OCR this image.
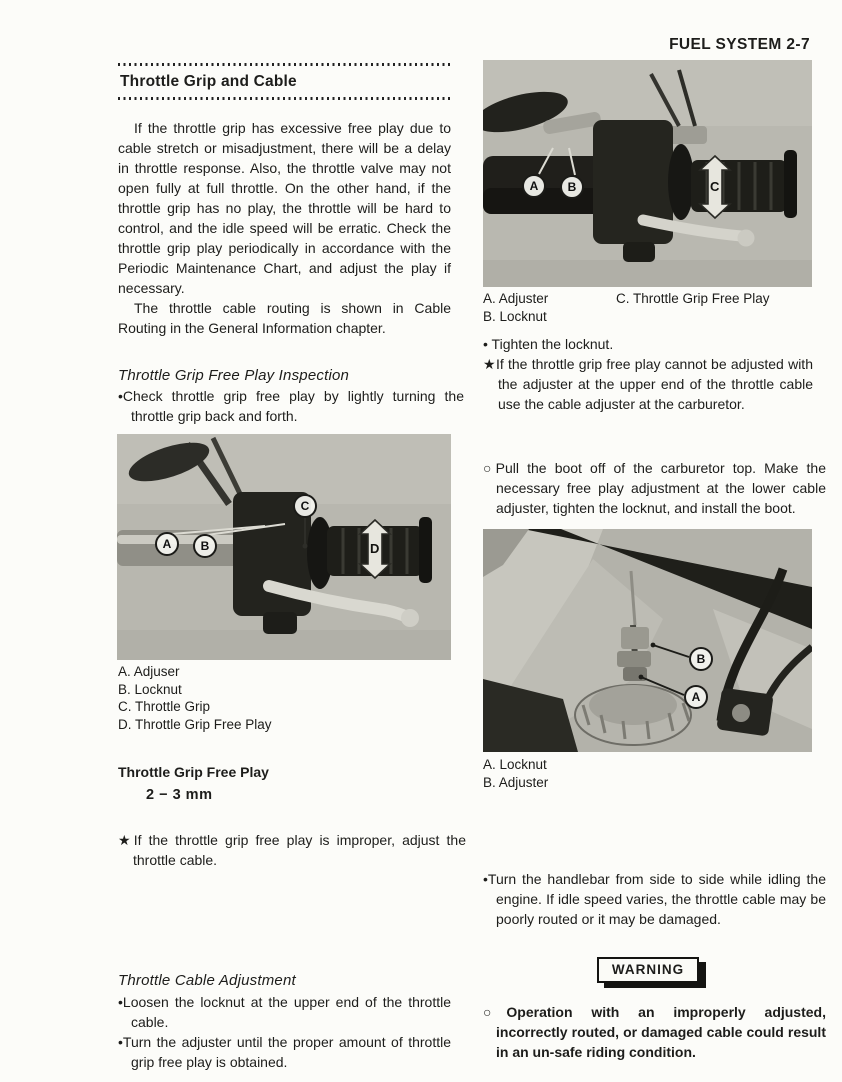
FUEL SYSTEM 2-7
Throttle Grip and Cable

If the throttle grip has excessive free play due to cable stretch or misadjustment, there will be a delay in throttle response. Also, the throttle valve may not open fully at full throttle. On the other hand, if the throttle grip has no play, the throttle will be hard to control, and the idle speed will be erratic. Check the throttle grip play periodically in accordance with the Periodic Maintenance Chart, and adjust the play if necessary.

The throttle cable routing is shown in Cable Routing in the General Information chapter.

Throttle Grip Free Play Inspection

•Check throttle grip free play by lightly turning the throttle grip back and forth.

A	B
C
D
A. Adjuser
B. Locknut
C. Throttle Grip
D. Throttle Grip Free Play
Throttle Grip Free Play
2 − 3 mm

★If the throttle grip free play is improper, adjust the throttle cable.

Throttle Cable Adjustment

•Loosen the locknut at the upper end of the throttle cable.

•Turn the adjuster until the proper amount of throttle grip free play is obtained.

A	B	C
A. Adjuster
B. Locknut
C. Throttle Grip Free Play

• Tighten the locknut.

★If the throttle grip free play cannot be adjusted with the adjuster at the upper end of the throttle cable use the cable adjuster at the carburetor.

○Pull the boot off of the carburetor top. Make the necessary free play adjustment at the lower cable adjuster, tighten the locknut, and install the boot.

B
A
A. Locknut
B. Adjuster

•Turn the handlebar from side to side while idling the engine. If idle speed varies, the throttle cable may be poorly routed or it may be damaged.

WARNING

○Operation with an improperly adjusted, incorrectly routed, or damaged cable could result in an un-safe riding condition.
